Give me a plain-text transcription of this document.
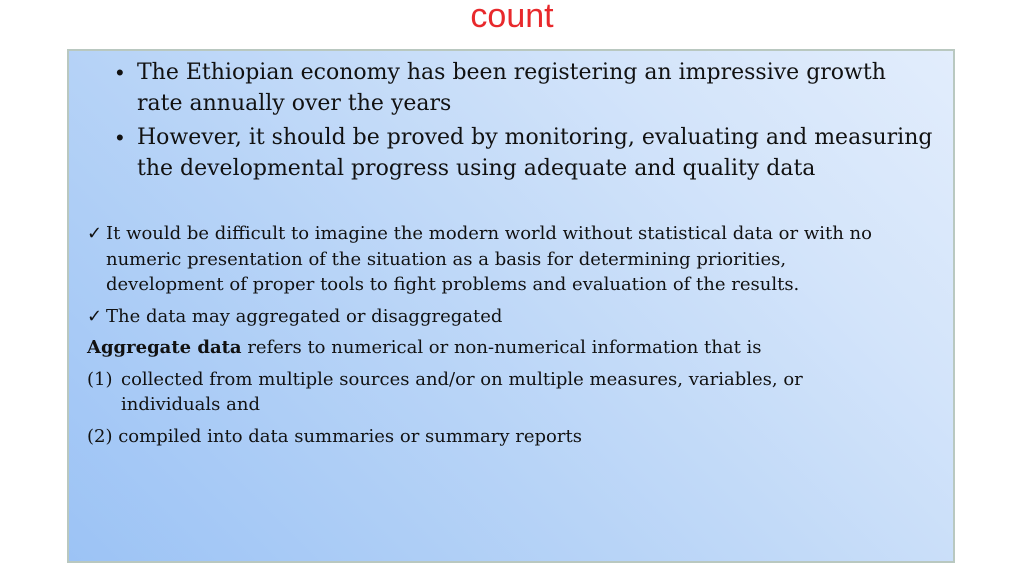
count
• The Ethiopian economy has been registering an impressive growth rate annually over the years
• However, it should be proved by monitoring, evaluating and measuring the developmental progress using adequate and quality data
✓ It would be difficult to imagine the modern world without statistical data or with no numeric presentation of the situation as a basis for determining priorities, development of proper tools to fight problems and evaluation of the results.
✓ The data may aggregated or disaggregated
Aggregate data refers to numerical or non-numerical information that is
(1) collected from multiple sources and/or on multiple measures, variables, or individuals and
(2) compiled into data summaries or summary reports
